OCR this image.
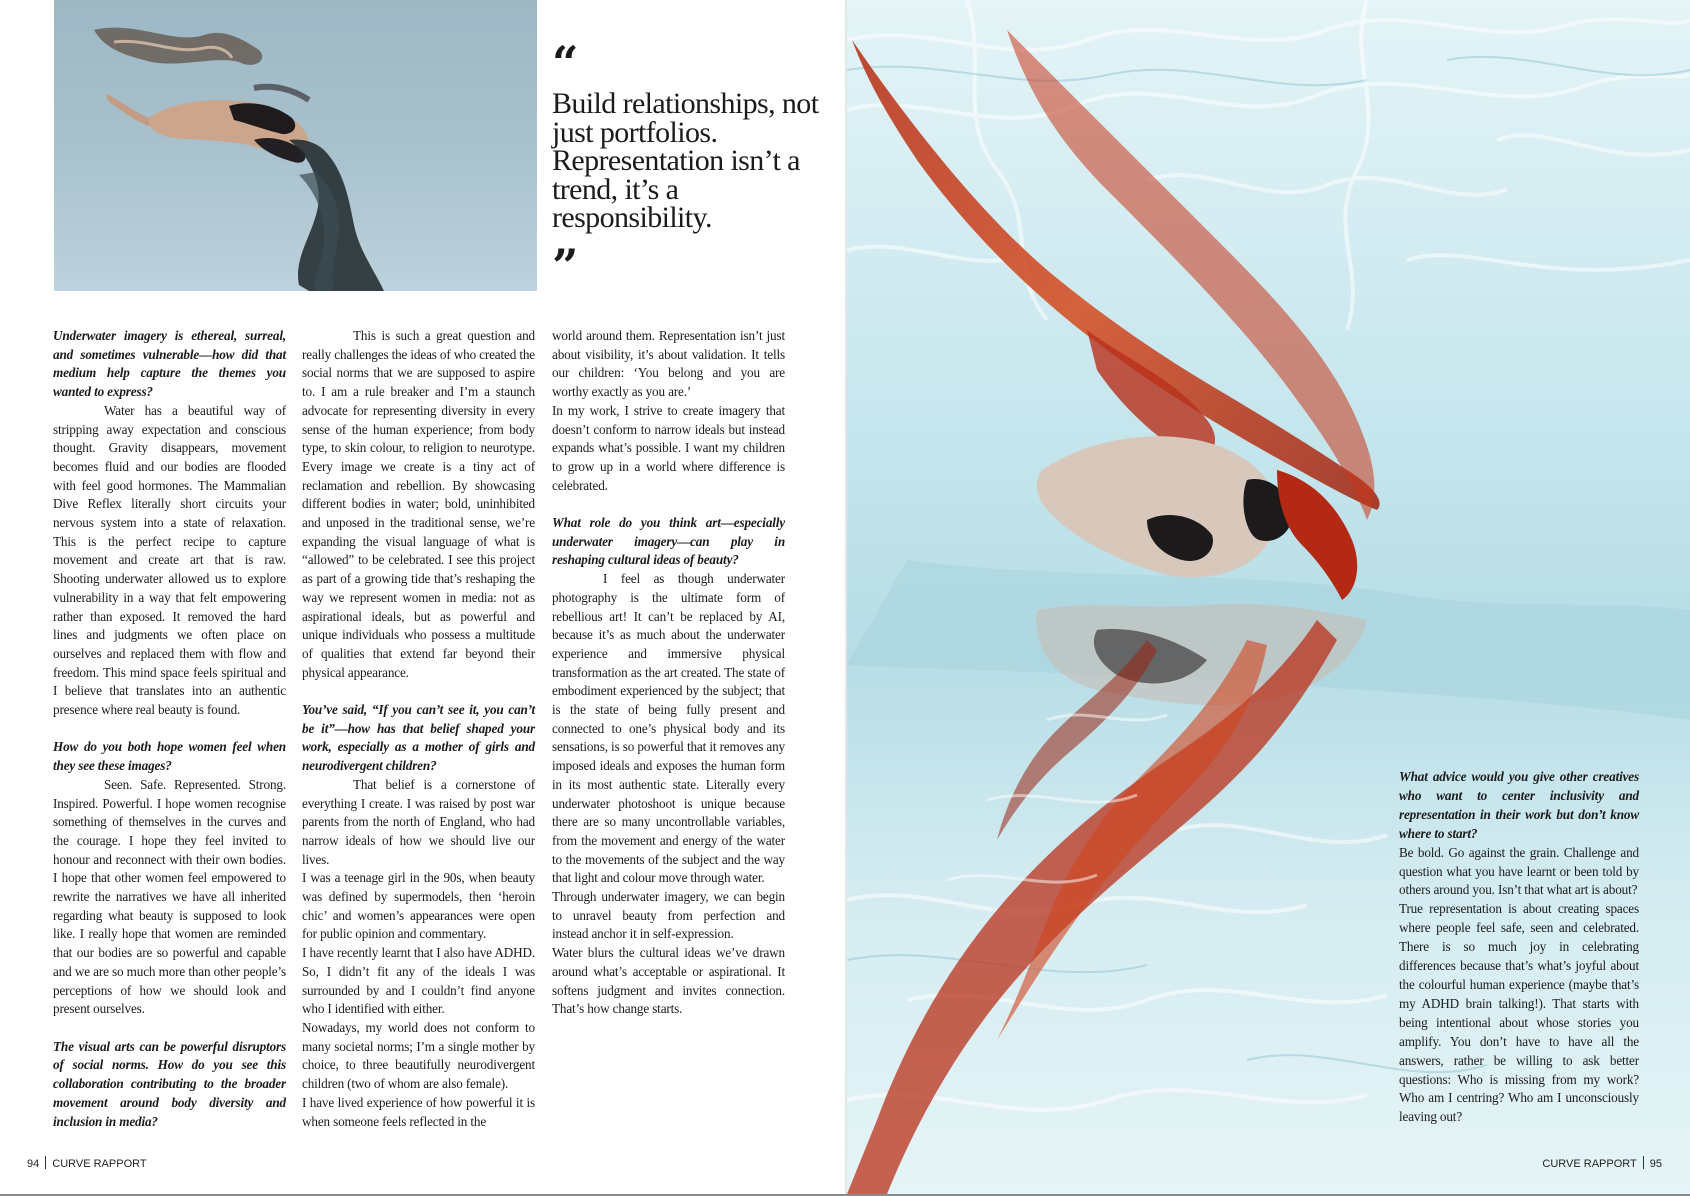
“
Build relationships, not just portfolios. Representation isn’t a trend, it’s a responsibility.
”

Underwater imagery is ethereal, surreal, and sometimes vulnerable—how did that medium help capture the themes you wanted to express?

Water has a beautiful way of stripping away expectation and conscious thought. Gravity disappears, movement becomes fluid and our bodies are flooded with feel good hormones. The Mammalian Dive Reflex literally short circuits your nervous system into a state of relaxation. This is the perfect recipe to capture movement and create art that is raw. Shooting underwater allowed us to explore vulnerability in a way that felt empowering rather than exposed. It removed the hard lines and judgments we often place on ourselves and replaced them with flow and freedom. This mind space feels spiritual and I believe that translates into an authentic presence where real beauty is found.

How do you both hope women feel when they see these images?

Seen. Safe. Represented. Strong. Inspired. Powerful. I hope women recognise something of themselves in the curves and the courage. I hope they feel invited to honour and reconnect with their own bodies. I hope that other women feel empowered to rewrite the narratives we have all inherited regarding what beauty is supposed to look like. I really hope that women are reminded that our bodies are so powerful and capable and we are so much more than other people’s perceptions of how we should look and present ourselves.

The visual arts can be powerful disruptors of social norms. How do you see this collaboration contributing to the broader movement around body diversity and inclusion in media?

This is such a great question and really challenges the ideas of who created the social norms that we are supposed to aspire to. I am a rule breaker and I’m a staunch advocate for representing diversity in every sense of the human experience; from body type, to skin colour, to religion to neurotype. Every image we create is a tiny act of reclamation and rebellion. By showcasing different bodies in water; bold, uninhibited and unposed in the traditional sense, we’re expanding the visual language of what is “allowed” to be celebrated. I see this project as part of a growing tide that’s reshaping the way we represent women in media: not as aspirational ideals, but as powerful and unique individuals who possess a multitude of qualities that extend far beyond their physical appearance.

You’ve said, “If you can’t see it, you can’t be it”—how has that belief shaped your work, especially as a mother of girls and neurodivergent children?

That belief is a cornerstone of everything I create. I was raised by post war parents from the north of England, who had narrow ideals of how we should live our lives.

I was a teenage girl in the 90s, when beauty was defined by supermodels, then ‘heroin chic’ and women’s appearances were open for public opinion and commentary.

I have recently learnt that I also have ADHD. So, I didn’t fit any of the ideals I was surrounded by and I couldn’t find anyone who I identified with either.

Nowadays, my world does not conform to many societal norms; I’m a single mother by choice, to three beautifully neurodivergent children (two of whom are also female).

I have lived experience of how powerful it is when someone feels reflected in the

world around them. Representation isn’t just about visibility, it’s about validation. It tells our children: ‘You belong and you are worthy exactly as you are.’

In my work, I strive to create imagery that doesn’t conform to narrow ideals but instead expands what’s possible. I want my children to grow up in a world where difference is celebrated.

What role do you think art—especially underwater imagery—can play in reshaping cultural ideas of beauty?

I feel as though underwater photography is the ultimate form of rebellious art! It can’t be replaced by AI, because it’s as much about the underwater experience and immersive physical transformation as the art created. The state of embodiment experienced by the subject; that is the state of being fully present and connected to one’s physical body and its sensations, is so powerful that it removes any imposed ideals and exposes the human form in its most authentic state. Literally every underwater photoshoot is unique because there are so many uncontrollable variables, from the movement and energy of the water to the movements of the subject and the way that light and colour move through water.

Through underwater imagery, we can begin to unravel beauty from perfection and instead anchor it in self-expression.

Water blurs the cultural ideas we’ve drawn around what’s acceptable or aspirational. It softens judgment and invites connection. That’s how change starts.

94 CURVE RAPPORT

What advice would you give other creatives who want to center inclusivity and representation in their work but don’t know where to start?

Be bold. Go against the grain. Challenge and question what you have learnt or been told by others around you. Isn’t that what art is about?

True representation is about creating spaces where people feel safe, seen and celebrated. There is so much joy in celebrating differences because that’s what’s joyful about the colourful human experience (maybe that’s my ADHD brain talking!). That starts with being intentional about whose stories you amplify. You don’t have to have all the answers, rather be willing to ask better questions: Who is missing from my work? Who am I centring? Who am I unconsciously leaving out?

CURVE RAPPORT 95
